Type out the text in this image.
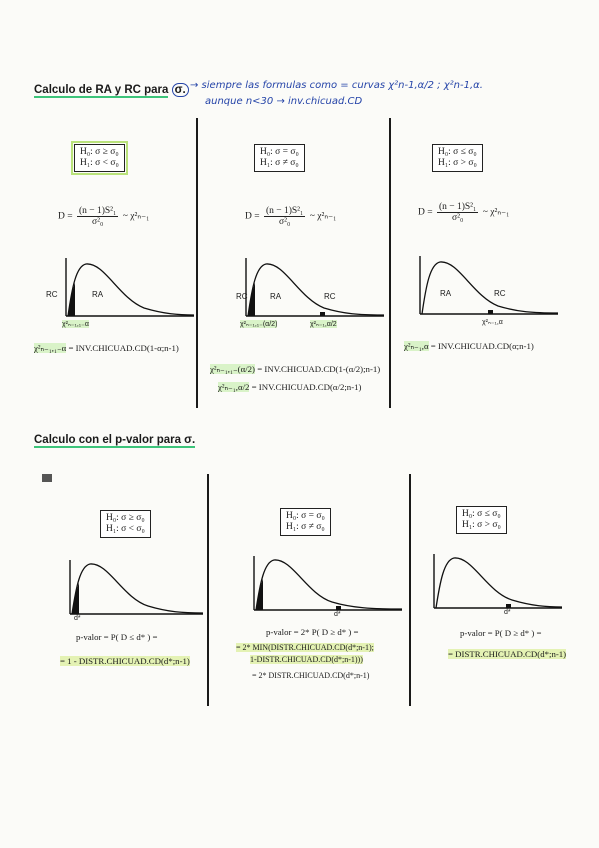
Calculo de RA y RC para σ. → siempre las formulas como = curvas χ²n-1,α/2 ; χ²n-1,α.
aunque n<30 → inv.chicuad.CD
H₀: σ ≥ σ₀
H₁: σ < σ₀
$D = \frac{\text{(n − 1)S²₁}}{\text{σ²₀}}$ ~ χ²ₙ₋₁
RC	RA
χ²ₙ₋₁,₁₋α
χ²ₙ₋₁,₁₋α = INV.CHICUAD.CD(1-α;n-1)
H₀: σ = σ₀
H₁: σ ≠ σ₀
$D = \frac{\text{(n − 1)S²₁}}{\text{σ²₀}}$ ~ χ²ₙ₋₁
RC	RA	RC
χ²ₙ₋₁,₁₋(α/2)	χ²ₙ₋₁,α/2
χ²ₙ₋₁,₁₋(α/2) = INV.CHICUAD.CD(1-(α/2);n-1)
χ²ₙ₋₁,α/2 = INV.CHICUAD.CD(α/2;n-1)
H₀: σ ≤ σ₀
H₁: σ > σ₀
$D = \frac{\text{(n − 1)S²₁}}{\text{σ²₀}}$ ~ χ²ₙ₋₁
RA	RC
χ²ₙ₋₁,α
χ²ₙ₋₁,α = INV.CHICUAD.CD(α;n-1)
Calculo con el p-valor para σ.
H₀: σ ≥ σ₀
H₁: σ < σ₀
d*
p-valor = P( D ≤ d* ) =
= 1 - DISTR.CHICUAD.CD(d*;n-1)
H₀: σ = σ₀
H₁: σ ≠ σ₀
d*
p-valor = 2* P( D ≥ d* ) =
= 2* MIN(DISTR.CHICUAD.CD(d*;n-1);
1-DISTR.CHICUAD.CD(d*;n-1)))
= 2* DISTR.CHICUAD.CD(d*;n-1)
H₀: σ ≤ σ₀
H₁: σ > σ₀
d*
p-valor = P( D ≥ d* ) =
= DISTR.CHICUAD.CD(d*;n-1)
